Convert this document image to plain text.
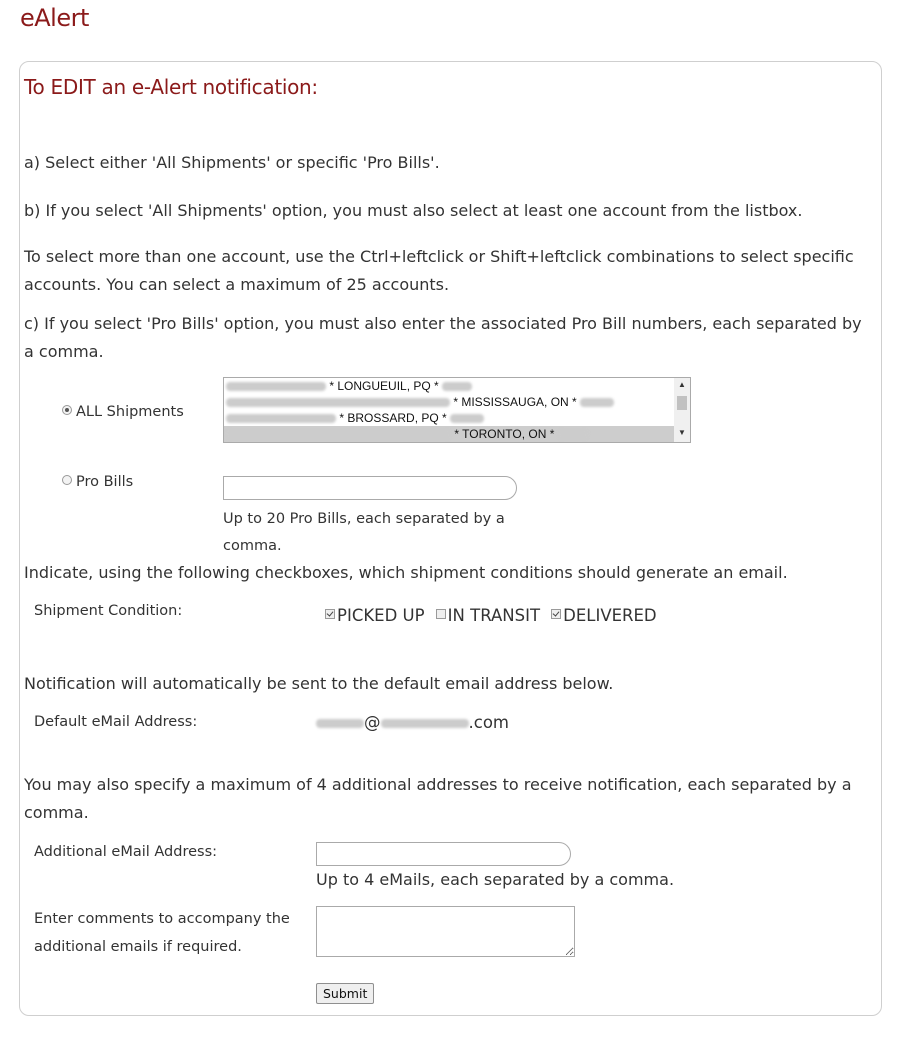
eAlert
To EDIT an e-Alert notification:

a) Select either 'All Shipments' or specific 'Pro Bills'.

b) If you select 'All Shipments' option, you must also select at least one account from the listbox.

To select more than one account, use the Ctrl+leftclick or Shift+leftclick combinations to select specific accounts. You can select a maximum of 25 accounts.

c) If you select 'Pro Bills' option, you must also enter the associated Pro Bill numbers, each separated by a comma.

ALL Shipments
* LONGUEUIL, PQ *
* MISSISSAUGA, ON *
* BROSSARD, PQ *
* TORONTO, ON *
▲
▼
Pro Bills

Up to 20 Pro Bills, each separated by a
comma.

Indicate, using the following checkboxes, which shipment conditions should generate an email.

Shipment Condition:	PICKED UP IN TRANSIT DELIVERED

Notification will automatically be sent to the default email address below.

Default eMail Address:	@	.com

You may also specify a maximum of 4 additional addresses to receive notification, each separated by a comma.

Additional eMail Address:
Up to 4 eMails, each separated by a comma.

Enter comments to accompany the
additional emails if required.

Submit
